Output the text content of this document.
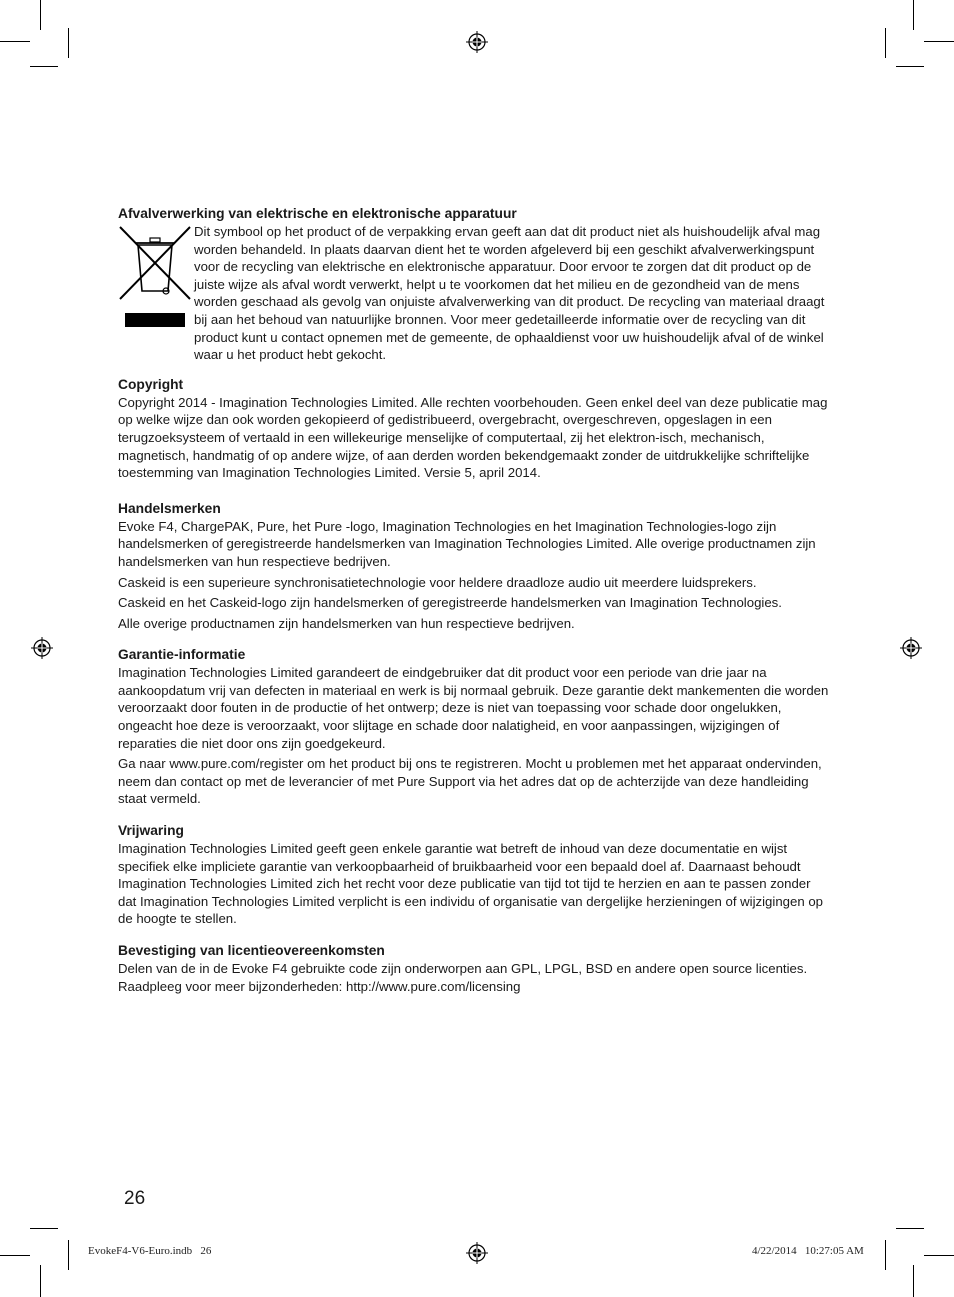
Afvalverwerking van elektrische en elektronische apparatuur
Dit symbool op het product of de verpakking ervan geeft aan dat dit product niet als huishoudelijk afval mag worden behandeld. In plaats daarvan dient het te worden afgeleverd bij een geschikt afvalverwerkingspunt voor de recycling van elektrische en elektronische apparatuur. Door ervoor te zorgen dat dit product op de juiste wijze als afval wordt verwerkt, helpt u te voorkomen dat het milieu en de gezondheid van de mens worden geschaad als gevolg van onjuiste afvalverwerking van dit product. De recycling van materiaal draagt bij aan het behoud van natuurlijke bronnen. Voor meer gedetailleerde informatie over de recycling van dit product kunt u contact opnemen met de gemeente, de ophaaldienst voor uw huishoudelijk afval of de winkel waar u het product hebt gekocht.
Copyright
Copyright 2014 - Imagination Technologies Limited. Alle rechten voorbehouden. Geen enkel deel van deze publicatie mag op welke wijze dan ook worden gekopieerd of gedistribueerd, overgebracht, overgeschreven, opgeslagen in een terugzoeksysteem of vertaald in een willekeurige menselijke of computertaal, zij het elektron-isch, mechanisch, magnetisch, handmatig of op andere wijze, of aan derden worden bekendgemaakt zonder de uitdrukkelijke schriftelijke toestemming van Imagination Technologies Limited. Versie 5, april 2014.
Handelsmerken
Evoke F4, ChargePAK, Pure, het Pure -logo, Imagination Technologies en het Imagination Technologies-logo zijn handelsmerken of geregistreerde handelsmerken van Imagination Technologies Limited. Alle overige productnamen zijn handelsmerken van hun respectieve bedrijven.
Caskeid is een superieure synchronisatietechnologie voor heldere draadloze audio uit meerdere luidsprekers.
Caskeid en het Caskeid-logo zijn handelsmerken of geregistreerde handelsmerken van Imagination Technologies.
Alle overige productnamen zijn handelsmerken van hun respectieve bedrijven.
Garantie-informatie
Imagination Technologies Limited garandeert de eindgebruiker dat dit product voor een periode van drie jaar na aankoopdatum vrij van defecten in materiaal en werk is bij normaal gebruik. Deze garantie dekt mankementen die worden veroorzaakt door fouten in de productie of het ontwerp; deze is niet van toepassing voor schade door ongelukken, ongeacht hoe deze is veroorzaakt, voor slijtage en schade door nalatigheid, en voor aanpassingen, wijzigingen of reparaties die niet door ons zijn goedgekeurd.
Ga naar www.pure.com/register om het product bij ons te registreren. Mocht u problemen met het apparaat ondervinden, neem dan contact op met de leverancier of met Pure Support via het adres dat op de achterzijde van deze handleiding staat vermeld.
Vrijwaring
Imagination Technologies Limited geeft geen enkele garantie wat betreft de inhoud van deze documentatie en wijst specifiek elke impliciete garantie van verkoopbaarheid of bruikbaarheid voor een bepaald doel af. Daarnaast behoudt Imagination Technologies Limited zich het recht voor deze publicatie van tijd tot tijd te herzien en aan te passen zonder dat Imagination Technologies Limited verplicht is een individu of organisatie van dergelijke herzieningen of wijzigingen op de hoogte te stellen.
Bevestiging van licentieovereenkomsten
Delen van de in de Evoke F4 gebruikte code zijn onderworpen aan GPL, LPGL, BSD en andere open source licenties. Raadpleeg voor meer bijzonderheden: http://www.pure.com/licensing
26
EvokeF4-V6-Euro.indb   26	4/22/2014   10:27:05 AM
